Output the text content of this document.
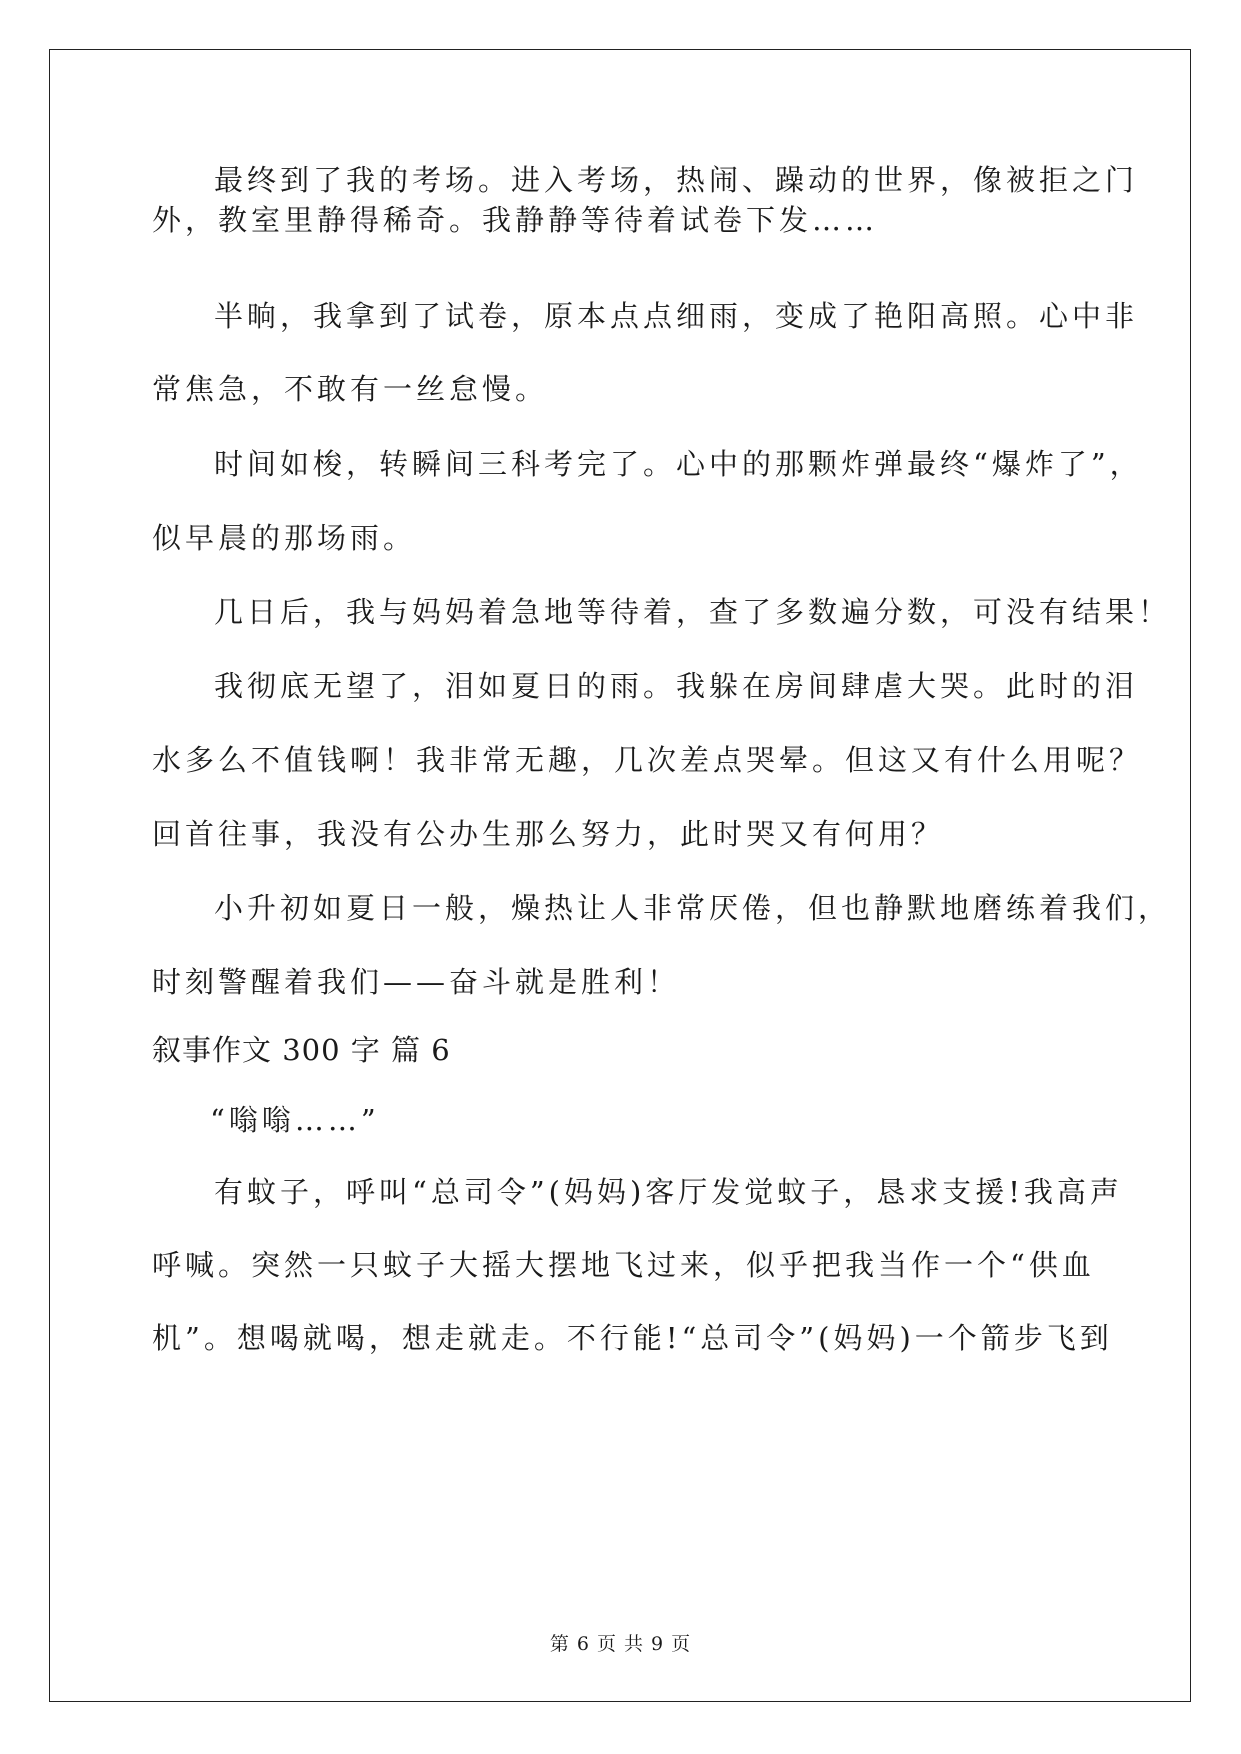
最终到了我的考场。进入考场，热闹、躁动的世界，像被拒之门
外，教室里静得稀奇。我静静等待着试卷下发……
半晌，我拿到了试卷，原本点点细雨，变成了艳阳高照。心中非
常焦急，不敢有一丝怠慢。
时间如梭，转瞬间三科考完了。心中的那颗炸弹最终“爆炸了”，
似早晨的那场雨。
几日后，我与妈妈着急地等待着，查了多数遍分数，可没有结果！
我彻底无望了，泪如夏日的雨。我躲在房间肆虐大哭。此时的泪
水多么不值钱啊！我非常无趣，几次差点哭晕。但这又有什么用呢？
回首往事，我没有公办生那么努力，此时哭又有何用？
小升初如夏日一般，燥热让人非常厌倦，但也静默地磨练着我们，
时刻警醒着我们——奋斗就是胜利！
叙事作文 300 字 篇 6
“嗡嗡……”
有蚊子，呼叫“总司令”(妈妈)客厅发觉蚊子，恳求支援!我高声
呼喊。突然一只蚊子大摇大摆地飞过来，似乎把我当作一个“供血
机”。想喝就喝，想走就走。不行能!“总司令”(妈妈)一个箭步飞到
第 6 页 共 9 页
